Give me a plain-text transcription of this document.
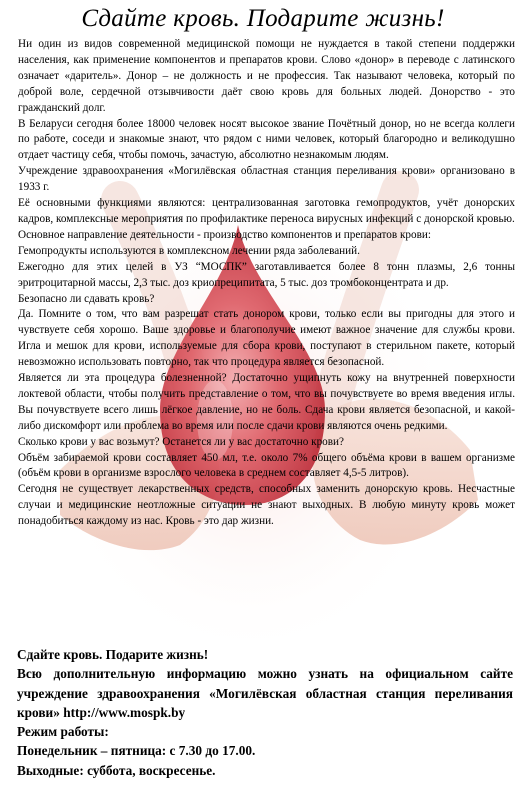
Сдайте кровь. Подарите жизнь!

Ни один из видов современной медицинской помощи не нуждается в такой степени поддержки населения, как применение компонентов и препаратов крови. Слово «донор» в переводе с латинского означает «даритель». Донор – не должность и не профессия. Так называют человека, который по доброй воле, сердечной отзывчивости даёт свою кровь для больных людей. Донорство - это гражданский долг.

В Беларуси сегодня более 18000 человек носят высокое звание Почётный донор, но не всегда коллеги по работе, соседи и знакомые знают, что рядом с ними человек, который благородно и великодушно отдает частицу себя, чтобы помочь, зачастую, абсолютно незнакомым людям.

Учреждение здравоохранения «Могилёвская областная станция переливания крови» организовано в 1933 г.

Её основными функциями являются: централизованная заготовка гемопродуктов, учёт донорских кадров, комплексные мероприятия по профилактике переноса вирусных инфекций с донорской кровью.

Основное направление деятельности - производство компонентов и препаратов крови:

Гемопродукты используются в комплексном лечении ряда заболеваний.

Ежегодно для этих целей в УЗ “МОСПК” заготавливается более 8 тонн плазмы, 2,6 тонны эритроцитарной массы, 2,3 тыс. доз криопреципитата, 5 тыс. доз тромбоконцентрата и др.

Безопасно ли сдавать кровь?

Да. Помните о том, что вам разрешат стать донором крови, только если вы пригодны для этого и чувствуете себя хорошо. Ваше здоровье и благополучие имеют важное значение для службы крови. Игла и мешок для крови, используемые для сбора крови, поступают в стерильном пакете, который невозможно использовать повторно, так что процедура является безопасной.

Является ли эта процедура болезненной? Достаточно ущипнуть кожу на внутренней поверхности локтевой области, чтобы получить представление о том, что вы почувствуете во время введения иглы. Вы почувствуете всего лишь лёгкое давление, но не боль. Сдача крови является безопасной, и какой-либо дискомфорт или проблема во время или после сдачи крови являются очень редкими.

Сколько крови у вас возьмут? Останется ли у вас достаточно крови?

Объём забираемой крови составляет 450 мл, т.е. около 7% общего объёма крови в вашем организме (объём крови в организме взрослого человека в среднем составляет 4,5-5 литров).

Сегодня не существует лекарственных средств, способных заменить донорскую кровь. Несчастные случаи и медицинские неотложные ситуации не знают выходных. В любую минуту кровь может понадобиться каждому из нас. Кровь - это дар жизни.

Сдайте кровь. Подарите жизнь!

Всю дополнительную информацию можно узнать на официальном сайте учреждение здравоохранения «Могилёвская областная станция переливания крови» http://www.mospk.by

Режим работы:

Понедельник – пятница: с 7.30 до 17.00.

Выходные: суббота, воскресенье.
